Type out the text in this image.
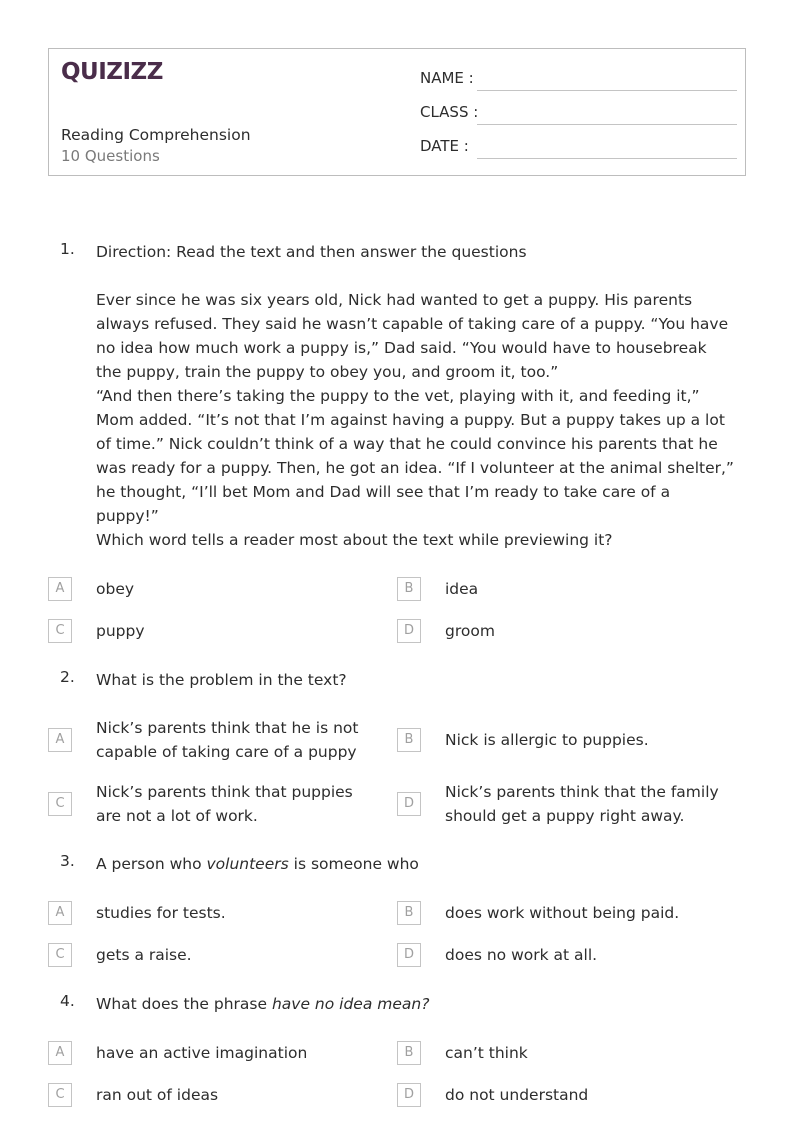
QUIZIZZ
Reading Comprehension
10 Questions
NAME :
CLASS :
DATE :
1. Direction: Read the text and then answer the questions

Ever since he was six years old, Nick had wanted to get a puppy. His parents always refused. They said he wasn’t capable of taking care of a puppy. “You have no idea how much work a puppy is,” Dad said. “You would have to housebreak the puppy, train the puppy to obey you, and groom it, too.”

“And then there’s taking the puppy to the vet, playing with it, and feeding it,” Mom added. “It’s not that I’m against having a puppy. But a puppy takes up a lot of time.” Nick couldn’t think of a way that he could convince his parents that he was ready for a puppy. Then, he got an idea. “If I volunteer at the animal shelter,” he thought, “I’ll bet Mom and Dad will see that I’m ready to take care of a puppy!”

Which word tells a reader most about the text while previewing it?
A	obey	B	idea
C	puppy	D	groom
2. What is the problem in the text?
A
Nick’s parents think that he is not capable of taking care of a puppy
B	Nick is allergic to puppies.
C
Nick’s parents think that puppies are not a lot of work.
D
Nick’s parents think that the family should get a puppy right away.
3. A person who volunteers is someone who
A	studies for tests.	B	does work without being paid.
C	gets a raise.	D	does no work at all.
4. What does the phrase have no idea mean?
A	have an active imagination	B	can’t think
C	ran out of ideas	D	do not understand
